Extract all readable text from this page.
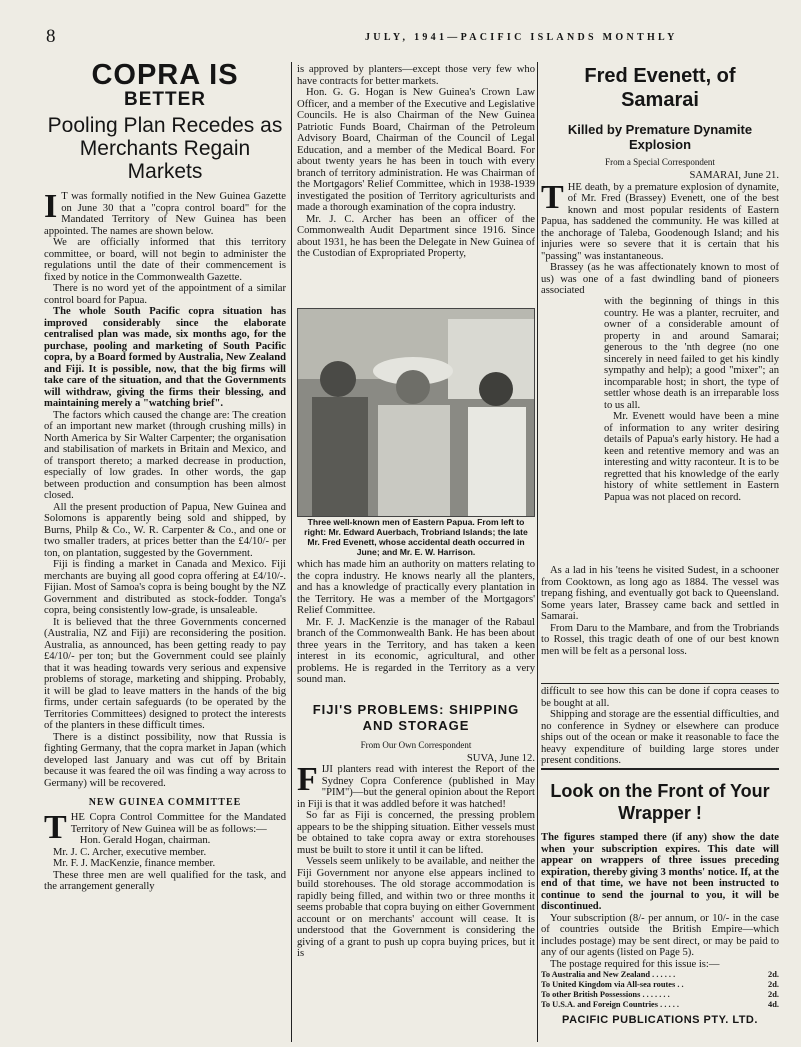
8	JULY, 1941—PACIFIC ISLANDS MONTHLY
COPRA IS
BETTER
Pooling Plan Recedes as Merchants Regain Markets

I T was formally notified in the New Guinea Gazette on June 30 that a "copra control board" for the Mandated Territory of New Guinea has been appointed. The names are shown below.

We are officially informed that this territory committee, or board, will not begin to administer the regulations until the date of their commencement is fixed by notice in the Commonwealth Gazette.

There is no word yet of the appointment of a similar control board for Papua.

The whole South Pacific copra situation has improved considerably since the elaborate centralised plan was made, six months ago, for the purchase, pooling and marketing of South Pacific copra, by a Board formed by Australia, New Zealand and Fiji. It is possible, now, that the big firms will take care of the situation, and that the Governments will withdraw, giving the firms their blessing, and maintaining merely a "watching brief".

The factors which caused the change are: The creation of an important new market (through crushing mills) in North America by Sir Walter Carpenter; the organisation and stabilisation of markets in Britain and Mexico, and of transport thereto; a marked decrease in production, especially of low grades. In other words, the gap between production and consumption has been almost closed.

All the present production of Papua, New Guinea and Solomons is apparently being sold and shipped, by Burns, Philp & Co., W. R. Carpenter & Co., and one or two smaller traders, at prices better than the £4/10/- per ton, on plantation, suggested by the Government.

Fiji is finding a market in Canada and Mexico. Fiji merchants are buying all good copra offering at £4/10/-. Fijian. Most of Samoa's copra is being bought by the NZ Government and distributed as stock-fodder. Tonga's copra, being consistently low-grade, is unsaleable.

It is believed that the three Governments concerned (Australia, NZ and Fiji) are reconsidering the position. Australia, as announced, has been getting ready to pay £4/10/- per ton; but the Government could see plainly that it was heading towards very serious and expensive problems of storage, marketing and shipping. Probably, it will be glad to leave matters in the hands of the big firms, under certain safeguards (to be operated by the Territories Committees) designed to protect the interests of the planters in these difficult times.

There is a distinct possibility, now that Russia is fighting Germany, that the copra market in Japan (which developed last January and was cut off by Britain because it was feared the oil was finding a way across to Germany) will be recovered.

NEW GUINEA COMMITTEE

THE Copra Control Committee for the Mandated Territory of New Guinea will be as follows:—

Hon. Gerald Hogan, chairman.

Mr. J. C. Archer, executive member.

Mr. F. J. MacKenzie, finance member.

These three men are well qualified for the task, and the arrangement generally

is approved by planters—except those very few who have contracts for better markets.

Hon. G. G. Hogan is New Guinea's Crown Law Officer, and a member of the Executive and Legislative Councils. He is also Chairman of the New Guinea Patriotic Funds Board, Chairman of the Petroleum Advisory Board, Chairman of the Council of Legal Education, and a member of the Medical Board. For about twenty years he has been in touch with every branch of territory administration. He was Chairman of the Mortgagors' Relief Committee, which in 1938-1939 investigated the position of Territory agriculturists and made a thorough examination of the copra industry.

Mr. J. C. Archer has been an officer of the Commonwealth Audit Department since 1916. Since about 1931, he has been the Delegate in New Guinea of the Custodian of Expropriated Property,

Three well-known men of Eastern Papua. From left to right: Mr. Edward Auerbach, Trobriand Islands; the late Mr. Fred Evenett, whose accidental death occurred in June; and Mr. E. W. Harrison.

which has made him an authority on matters relating to the copra industry. He knows nearly all the planters, and has a knowledge of practically every plantation in the Territory. He was a member of the Mortgagors' Relief Committee.

Mr. F. J. MacKenzie is the manager of the Rabaul branch of the Commonwealth Bank. He has been about three years in the Territory, and has taken a keen interest in its economic, agricultural, and other problems. He is regarded in the Territory as a very sound man.

FIJI'S PROBLEMS: SHIPPING AND STORAGE
From Our Own Correspondent

SUVA, June 12.

FIJI planters read with interest the Report of the Sydney Copra Conference (published in May "PIM")—but the general opinion about the Report in Fiji is that it was addled before it was hatched!

So far as Fiji is concerned, the pressing problem appears to be the shipping situation. Either vessels must be obtained to take copra away or extra storehouses must be built to store it until it can be lifted.

Vessels seem unlikely to be available, and neither the Fiji Government nor anyone else appears inclined to build storehouses. The old storage accommodation is rapidly being filled, and within two or three months it seems probable that copra buying on either Government account or on merchants' account will cease. It is understood that the Government is considering the giving of a grant to push up copra buying prices, but it is

Fred Evenett, of
Samarai
Killed by Premature Dynamite Explosion
From a Special Correspondent

SAMARAI, June 21.

THE death, by a premature explosion of dynamite, of Mr. Fred (Brassey) Evenett, one of the best known and most popular residents of Eastern Papua, has saddened the community. He was killed at the anchorage of Taleba, Goodenough Island; and his injuries were so severe that it is certain that his "passing" was instantaneous.

Brassey (as he was affectionately known to most of us) was one of a fast dwindling band of pioneers associated

with the beginning of things in this country. He was a planter, recruiter, and owner of a considerable amount of property in and around Samarai; generous to the 'nth degree (no one sincerely in need failed to get his kindly sympathy and help); a good "mixer"; an incomparable host; in short, the type of settler whose death is an irreparable loss to us all.

Mr. Evenett would have been a mine of information to any writer desiring details of Papua's early history. He had a keen and retentive memory and was an interesting and witty raconteur. It is to be regretted that his knowledge of the early history of white settlement in Eastern Papua was not placed on record.

As a lad in his 'teens he visited Sudest, in a schooner from Cooktown, as long ago as 1884. The vessel was trepang fishing, and eventually got back to Queensland. Some years later, Brassey came back and settled in Samarai.

From Daru to the Mambare, and from the Trobriands to Rossel, this tragic death of one of our best known men will be felt as a personal loss.

difficult to see how this can be done if copra ceases to be bought at all.

Shipping and storage are the essential difficulties, and no conference in Sydney or elsewhere can produce ships out of the ocean or make it reasonable to face the heavy expenditure of building large stores under present conditions.

Look on the Front of Your Wrapper !

The figures stamped there (if any) show the date when your subscription expires. This date will appear on wrappers of three issues preceding expiration, thereby giving 3 months' notice. If, at the end of that time, we have not been instructed to continue to send the journal to you, it will be discontinued.

Your subscription (8/- per annum, or 10/- in the case of countries outside the British Empire—which includes postage) may be sent direct, or may be paid to any of our agents (listed on Page 5).

The postage required for this issue is:—

To Australia and New Zealand . . . . . .	2d.
To United Kingdom via All-sea routes . .	2d.
To other British Possessions . . . . . . .	2d.
To U.S.A. and Foreign Countries . . . . .	4d.
PACIFIC PUBLICATIONS PTY. LTD.
